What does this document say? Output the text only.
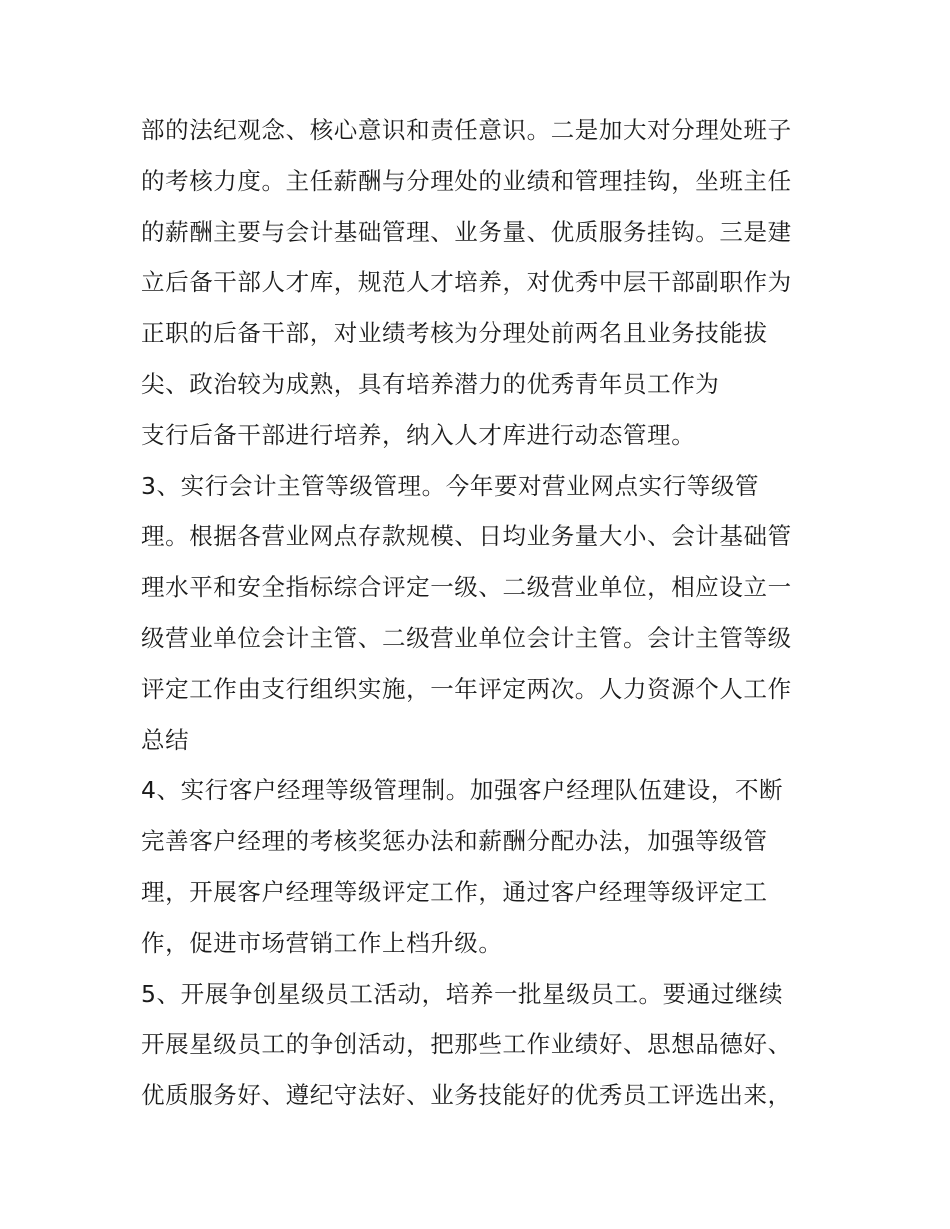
部的法纪观念、核心意识和责任意识。二是加大对分理处班子
的考核力度。主任薪酬与分理处的业绩和管理挂钩，坐班主任
的薪酬主要与会计基础管理、业务量、优质服务挂钩。三是建
立后备干部人才库，规范人才培养，对优秀中层干部副职作为
正职的后备干部，对业绩考核为分理处前两名且业务技能拔
尖、政治较为成熟，具有培养潜力的优秀青年员工作为
支行后备干部进行培养，纳入人才库进行动态管理。
3、实行会计主管等级管理。今年要对营业网点实行等级管
理。根据各营业网点存款规模、日均业务量大小、会计基础管
理水平和安全指标综合评定一级、二级营业单位，相应设立一
级营业单位会计主管、二级营业单位会计主管。会计主管等级
评定工作由支行组织实施，一年评定两次。人力资源个人工作
总结
4、实行客户经理等级管理制。加强客户经理队伍建设，不断
完善客户经理的考核奖惩办法和薪酬分配办法，加强等级管
理，开展客户经理等级评定工作，通过客户经理等级评定工
作，促进市场营销工作上档升级。
5、开展争创星级员工活动，培养一批星级员工。要通过继续
开展星级员工的争创活动，把那些工作业绩好、思想品德好、
优质服务好、遵纪守法好、业务技能好的优秀员工评选出来，
